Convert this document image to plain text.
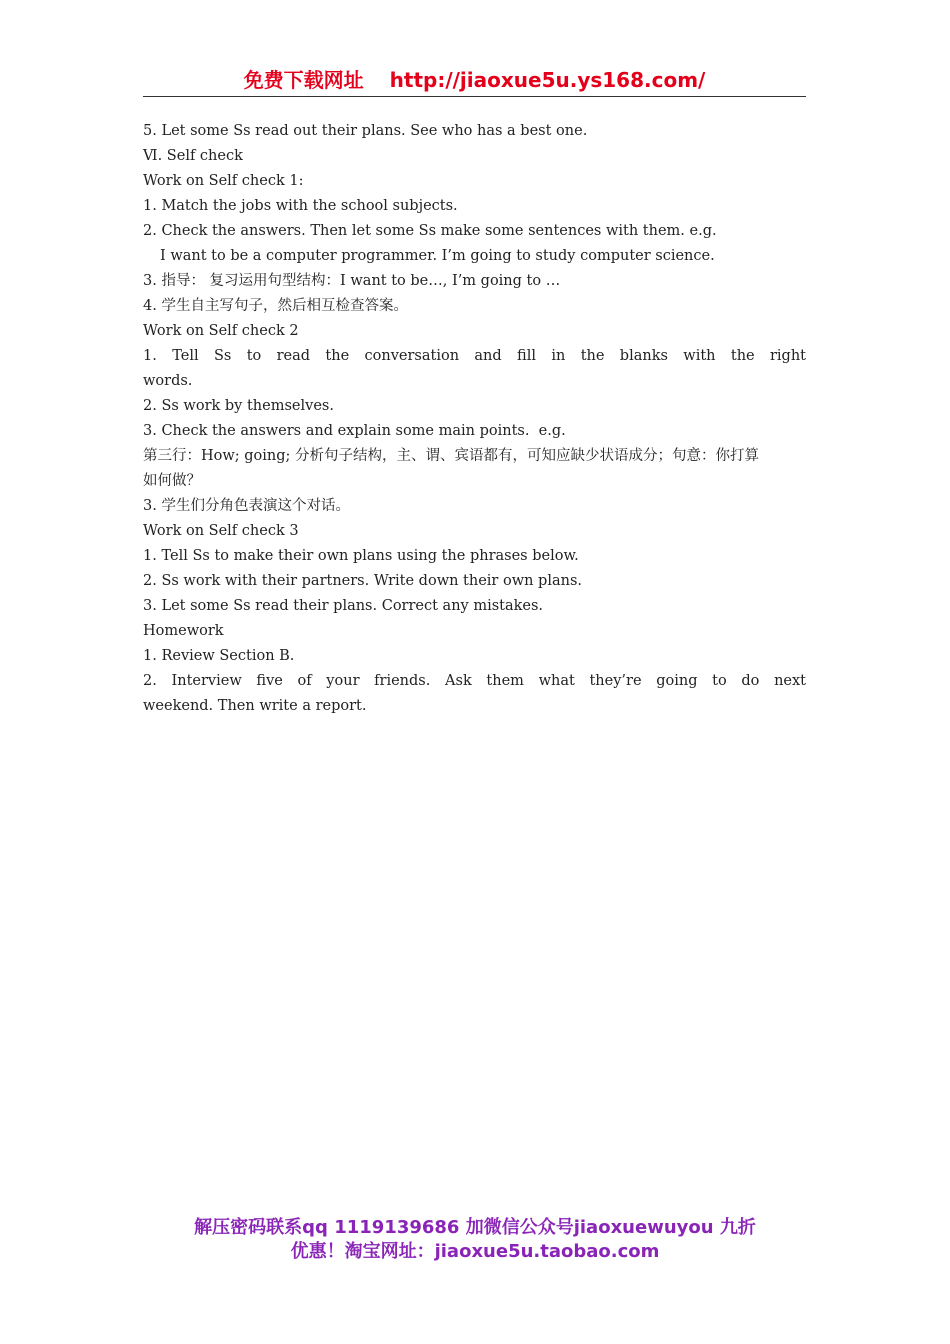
免费下载网址 http://jiaoxue5u.ys168.com/
5. Let some Ss read out their plans. See who has a best one.
Ⅵ. Self check
Work on Self check 1:
1. Match the jobs with the school subjects.
2. Check the answers. Then let some Ss make some sentences with them. e.g.
I want to be a computer programmer. I’m going to study computer science.
3. 指导： 复习运用句型结构：I want to be…, I’m going to …
4. 学生自主写句子，然后相互检查答案。
Work on Self check 2
1. Tell Ss to read the conversation and fill in the blanks with the right
words.
2. Ss work by themselves.
3. Check the answers and explain some main points.  e.g.
第三行：How; going; 分析句子结构，主、谓、宾语都有，可知应缺少状语成分；句意：你打算
如何做？
3. 学生们分角色表演这个对话。
Work on Self check 3
1. Tell Ss to make their own plans using the phrases below.
2. Ss work with their partners. Write down their own plans.
3. Let some Ss read their plans. Correct any mistakes.
Homework
1. Review Section B.
2. Interview five of your friends. Ask them what they’re going to do next
weekend. Then write a report.
解压密码联系qq 1119139686 加微信公众号jiaoxuewuyou 九折
优惠！淘宝网址：jiaoxue5u.taobao.com
